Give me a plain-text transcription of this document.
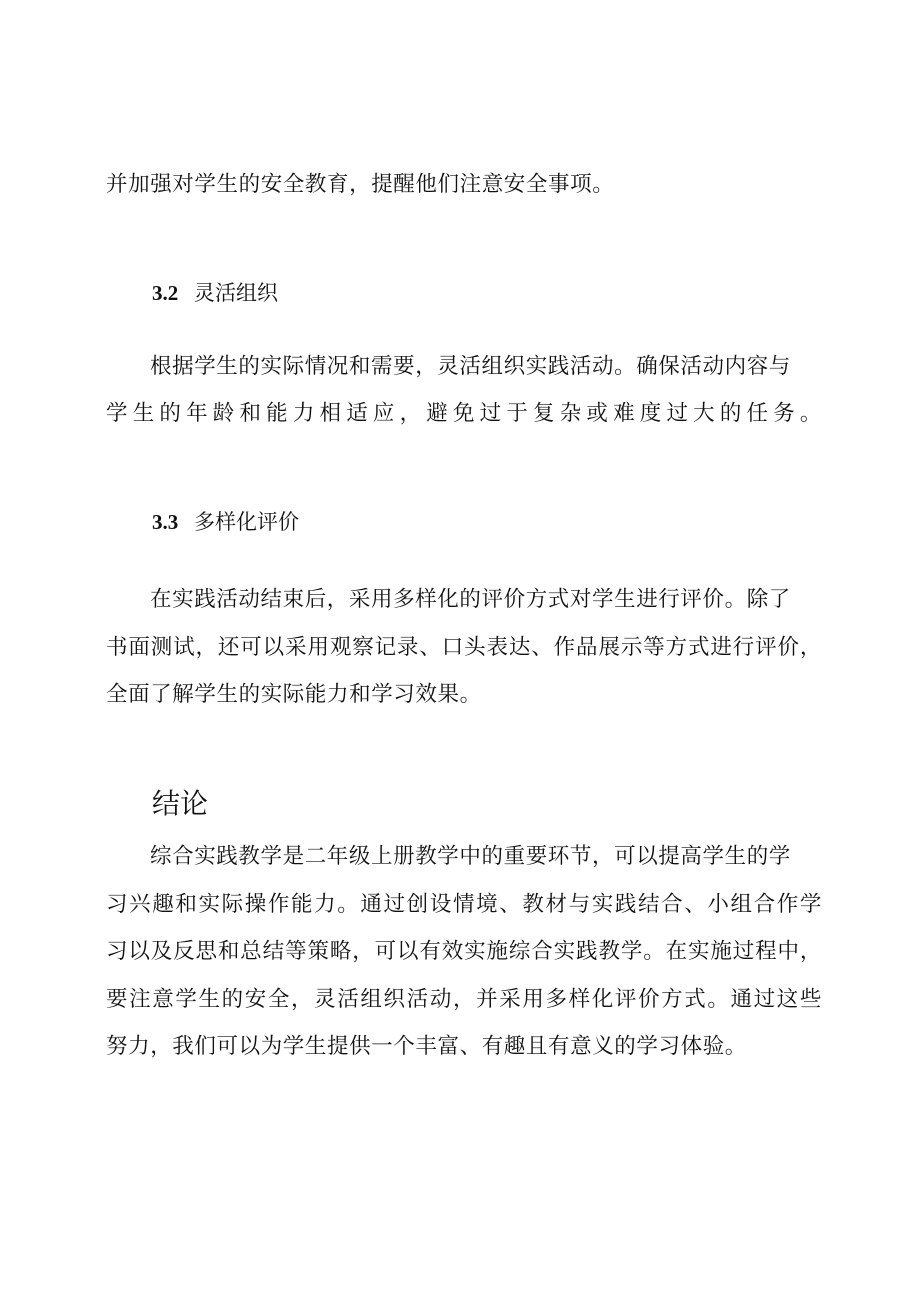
并加强对学生的安全教育，提醒他们注意安全事项。
3.2 灵活组织
根据学生的实际情况和需要，灵活组织实践活动。确保活动内容与
学生的年龄和能力相适应，避免过于复杂或难度过大的任务。
3.3 多样化评价
在实践活动结束后，采用多样化的评价方式对学生进行评价。除了
书面测试，还可以采用观察记录、口头表达、作品展示等方式进行评价，
全面了解学生的实际能力和学习效果。
结论
综合实践教学是二年级上册教学中的重要环节，可以提高学生的学
习兴趣和实际操作能力。通过创设情境、教材与实践结合、小组合作学
习以及反思和总结等策略，可以有效实施综合实践教学。在实施过程中，
要注意学生的安全，灵活组织活动，并采用多样化评价方式。通过这些
努力，我们可以为学生提供一个丰富、有趣且有意义的学习体验。
